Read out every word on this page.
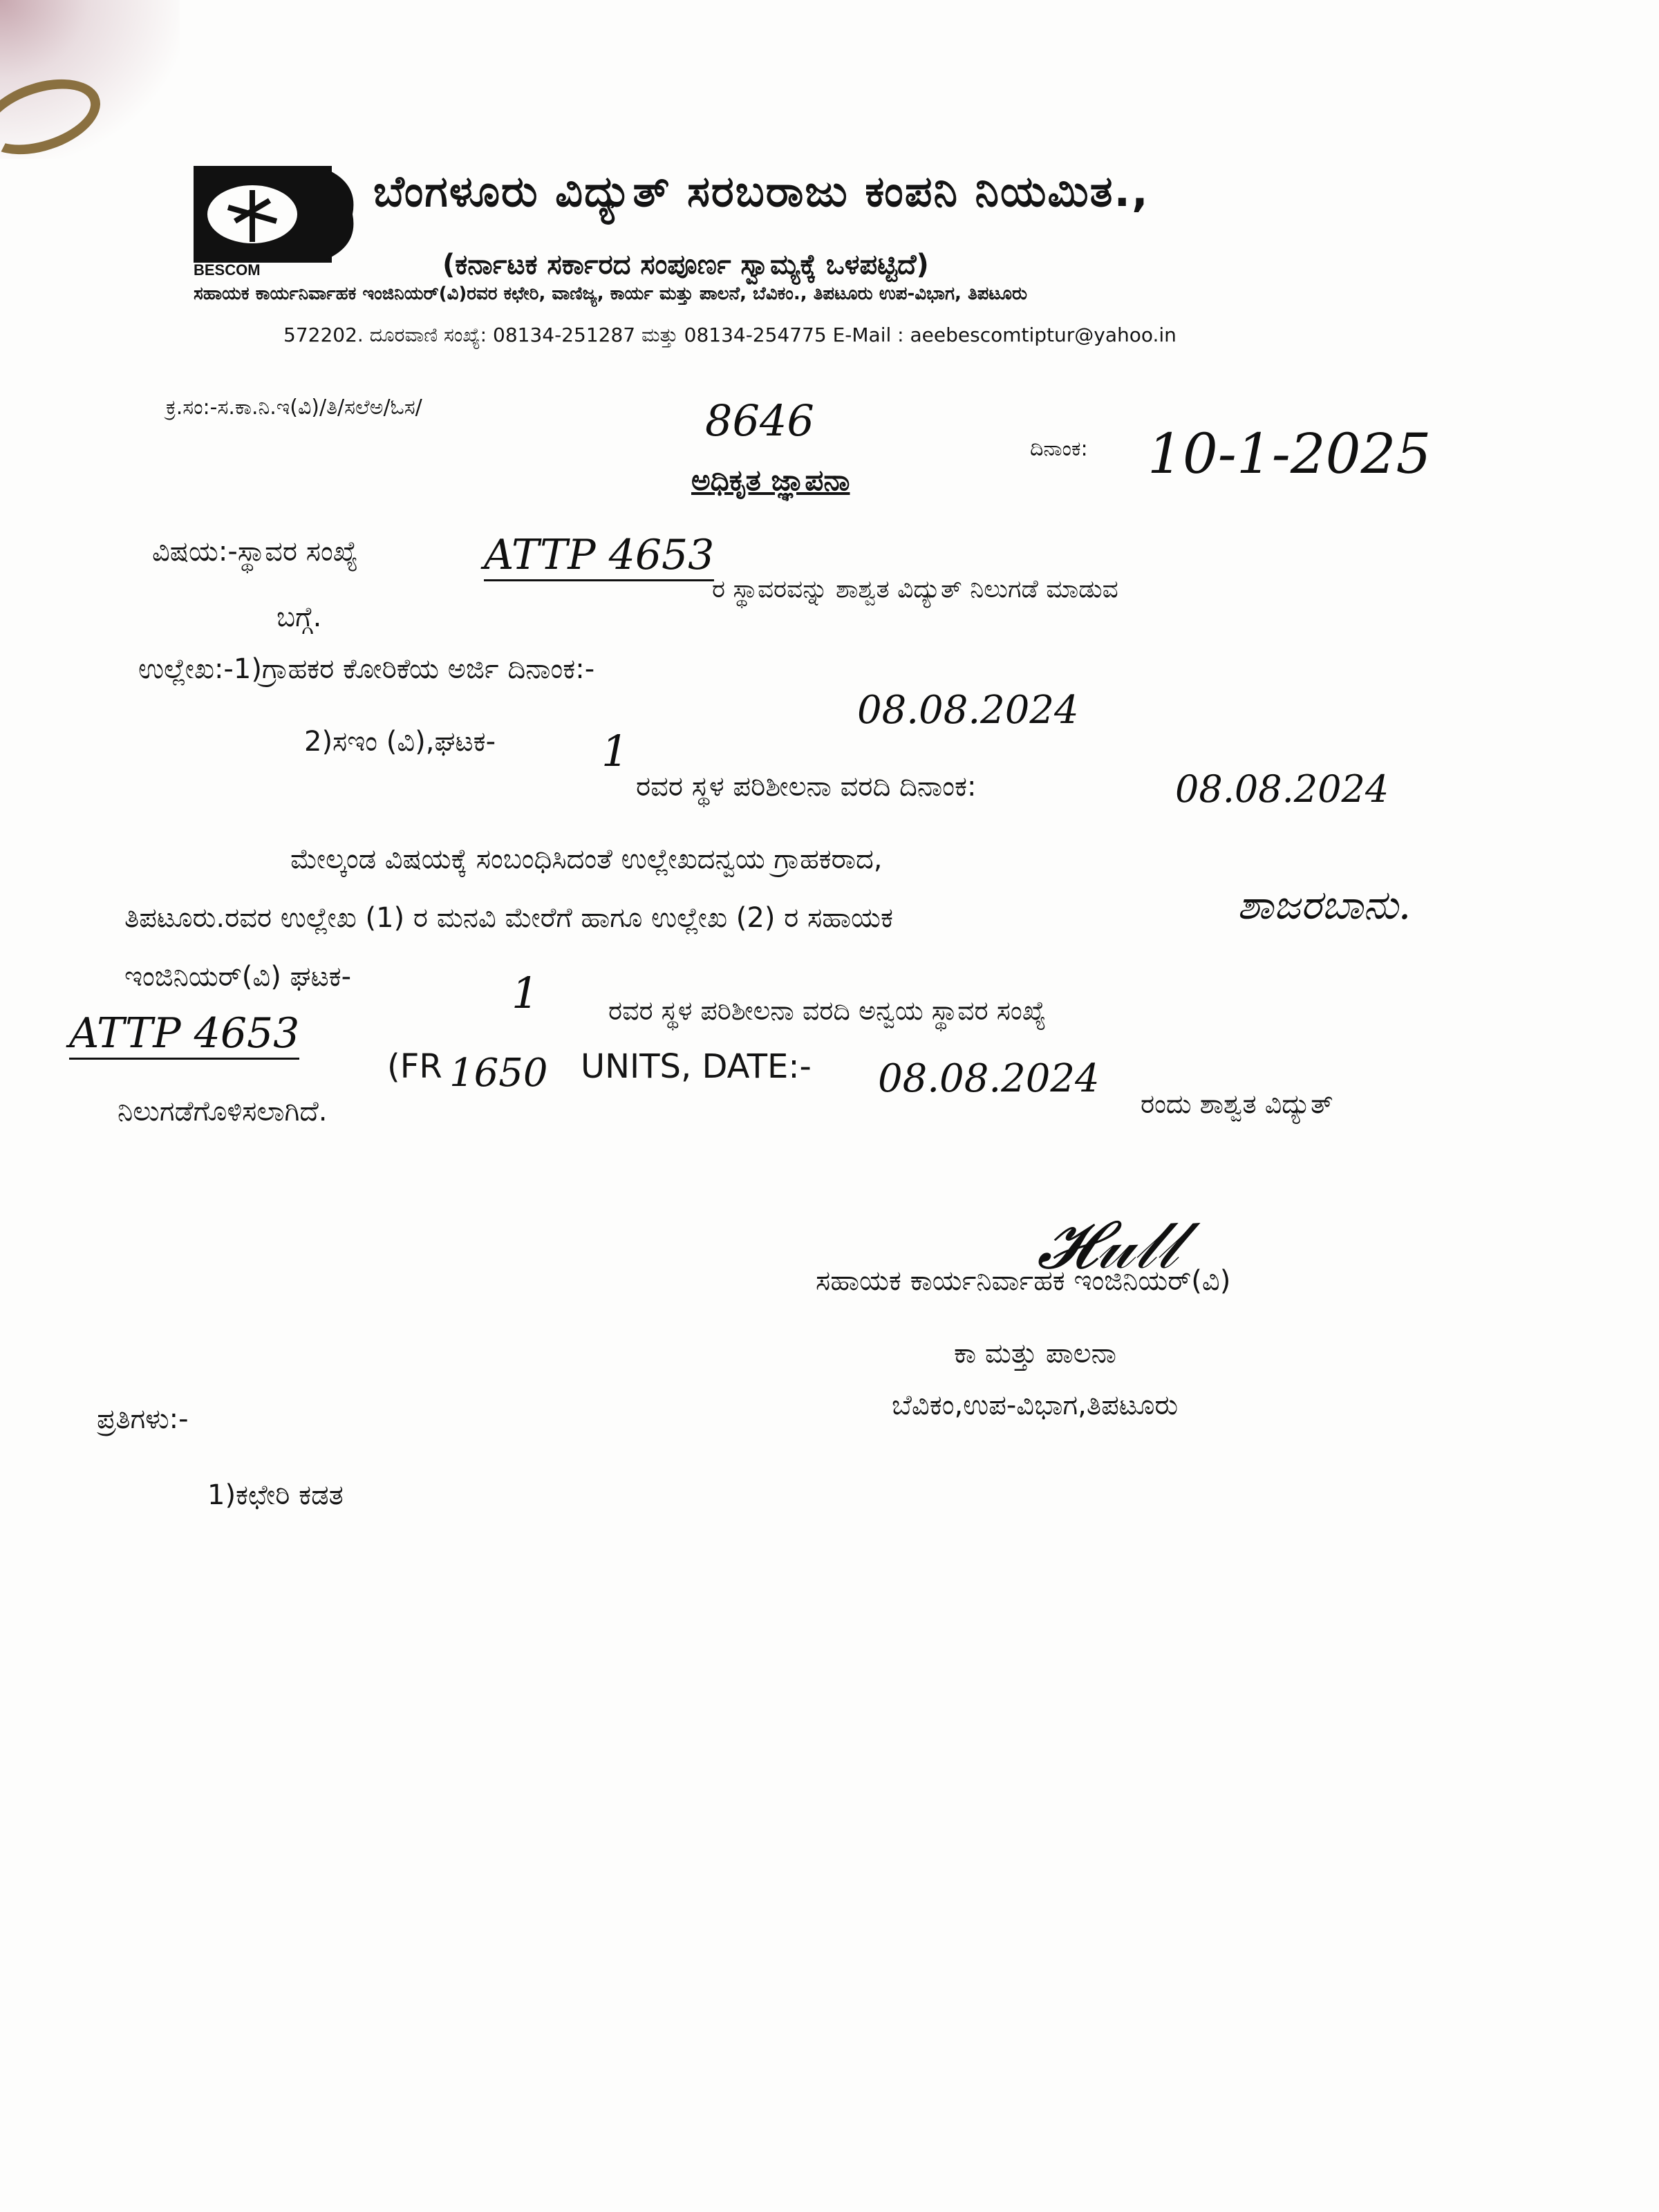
BESCOM
ಬೆಂಗಳೂರು ವಿದ್ಯುತ್ ಸರಬರಾಜು ಕಂಪನಿ ನಿಯಮಿತ.,
(ಕರ್ನಾಟಕ ಸರ್ಕಾರದ ಸಂಪೂರ್ಣ ಸ್ವಾಮ್ಯಕ್ಕೆ ಒಳಪಟ್ಟಿದೆ)
ಸಹಾಯಕ ಕಾರ್ಯನಿರ್ವಾಹಕ ಇಂಜಿನಿಯರ್(ವಿ)ರವರ ಕಛೇರಿ, ವಾಣಿಜ್ಯ, ಕಾರ್ಯ ಮತ್ತು ಪಾಲನೆ, ಬೆವಿಕಂ., ತಿಪಟೂರು ಉಪ-ವಿಭಾಗ, ತಿಪಟೂರು
572202. ದೂರವಾಣಿ ಸಂಖ್ಯೆ: 08134-251287 ಮತ್ತು 08134-254775 E-Mail : aeebescomtiptur@yahoo.in
ಕ್ರ.ಸಂ:-ಸ.ಕಾ.ನಿ.ಇ(ವಿ)/ತಿ/ಸಲೆಅ/ಓಸ/	8646
ದಿನಾಂಕ: 10-1-2025
ಅಧಿಕೃತ ಜ್ಞಾಪನಾ
ವಿಷಯ:-ಸ್ಥಾವರ ಸಂಖ್ಯೆ	ATTP 4653
ರ ಸ್ಥಾವರವನ್ನು ಶಾಶ್ವತ ವಿದ್ಯುತ್ ನಿಲುಗಡೆ ಮಾಡುವ
ಬಗ್ಗೆ.
ಉಲ್ಲೇಖ:-1)ಗ್ರಾಹಕರ ಕೋರಿಕೆಯ ಅರ್ಜಿ ದಿನಾಂಕ:-
08.08.2024
2)ಸಇಂ (ವಿ),ಘಟಕ- 1
ರವರ ಸ್ಥಳ ಪರಿಶೀಲನಾ ವರದಿ ದಿನಾಂಕ:	08.08.2024
ಮೇಲ್ಕಂಡ ವಿಷಯಕ್ಕೆ ಸಂಬಂಧಿಸಿದಂತೆ ಉಲ್ಲೇಖದನ್ವಯ ಗ್ರಾಹಕರಾದ,
ಶಾಜರಬಾನು.
ತಿಪಟೂರು.ರವರ ಉಲ್ಲೇಖ (1) ರ ಮನವಿ ಮೇರೆಗೆ ಹಾಗೂ ಉಲ್ಲೇಖ (2) ರ ಸಹಾಯಕ
ಇಂಜಿನಿಯರ್(ವಿ) ಘಟಕ-	1	ರವರ ಸ್ಥಳ ಪರಿಶೀಲನಾ ವರದಿ ಅನ್ವಯ ಸ್ಥಾವರ ಸಂಖ್ಯೆ
ATTP 4653
(FR 1650 UNITS, DATE:- 08.08.2024
ರಂದು ಶಾಶ್ವತ ವಿದ್ಯುತ್
ನಿಲುಗಡೆಗೊಳಿಸಲಾಗಿದೆ.
𝓗𝓊𝓁𝓁
ಸಹಾಯಕ ಕಾರ್ಯನಿರ್ವಾಹಕ ಇಂಜಿನಿಯರ್(ವಿ)
ಕಾ ಮತ್ತು ಪಾಲನಾ
ಬೆವಿಕಂ,ಉಪ-ವಿಭಾಗ,ತಿಪಟೂರು
ಪ್ರತಿಗಳು:-
1)ಕಛೇರಿ ಕಡತ
